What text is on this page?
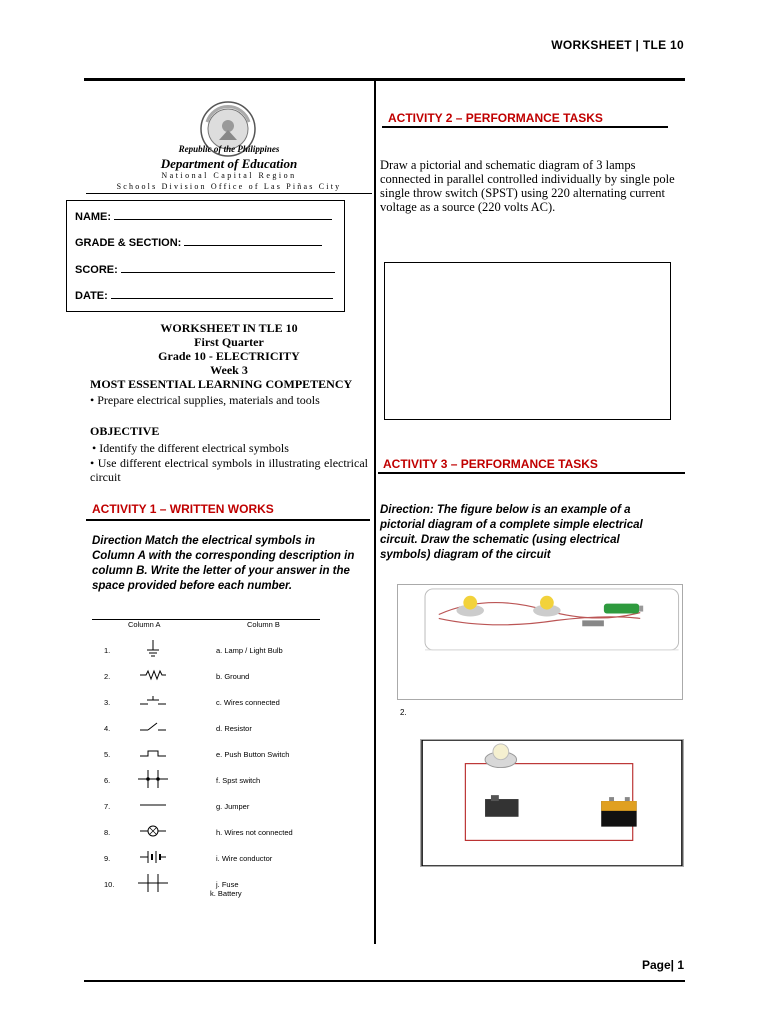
WORKSHEET | TLE 10
Republic of the Philippines
Department of Education
National Capital Region
Schools Division Office of Las Piñas City
NAME:
GRADE & SECTION:
SCORE:
DATE:
WORKSHEET IN TLE 10
First Quarter
Grade 10 - ELECTRICITY
Week 3
MOST ESSENTIAL LEARNING COMPETENCY
• Prepare electrical supplies, materials and tools
OBJECTIVE
• Identify the different electrical symbols
• Use different electrical symbols in illustrating electrical circuit
ACTIVITY 1 – WRITTEN WORKS
Direction Match the electrical symbols in Column A with the corresponding description in column B. Write the letter of your answer in the space provided before each number.
Column A	Column B
1.	a. Lamp / Light Bulb
2.	b. Ground
3.	c. Wires connected
4.	d. Resistor
5.	e. Push Button Switch
6.	f. Spst switch
7.	g. Jumper
8.	h. Wires not connected
9.	i. Wire conductor
10.	j. Fuse
k. Battery
ACTIVITY 2 – PERFORMANCE TASKS
Draw a pictorial and schematic diagram of 3 lamps connected in parallel controlled individually by single pole single throw switch (SPST) using 220 alternating current voltage as a source (220 volts AC).
ACTIVITY 3 – PERFORMANCE TASKS
Direction: The figure below is an example of a pictorial diagram of a complete simple electrical circuit. Draw the schematic (using electrical symbols) diagram of the circuit
2.
Page| 1
